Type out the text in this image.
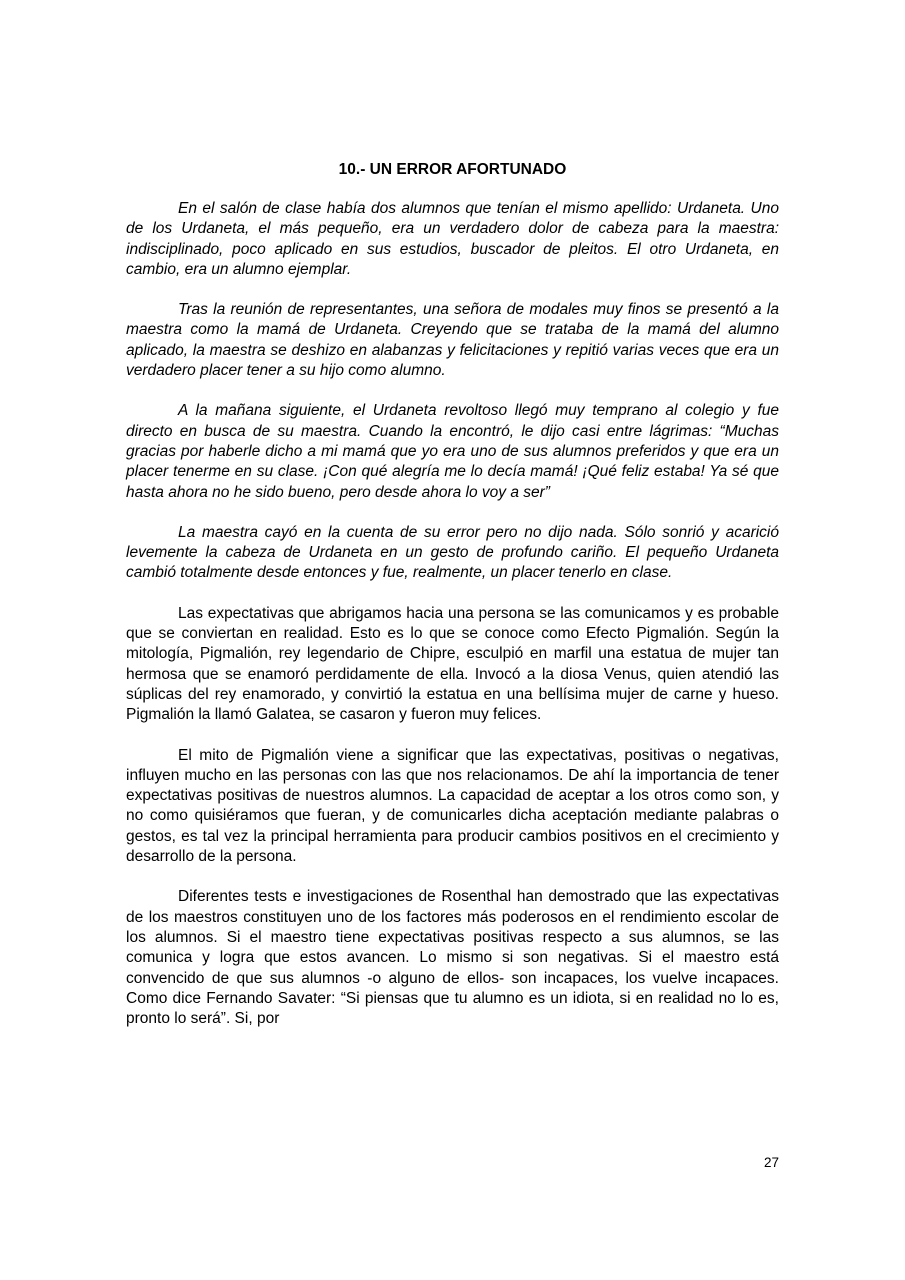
10.- UN ERROR AFORTUNADO

En el salón de clase había dos alumnos que tenían el mismo apellido: Urdaneta. Uno de los Urdaneta, el más pequeño, era un verdadero dolor de cabeza para la maestra: indisciplinado, poco aplicado en sus estudios, buscador de pleitos. El otro Urdaneta, en cambio, era un alumno ejemplar.

Tras la reunión de representantes, una señora de modales muy finos se presentó a la maestra como la mamá de Urdaneta. Creyendo que se trataba de la mamá del alumno aplicado, la maestra se deshizo en alabanzas y felicitaciones y repitió varias veces que era un verdadero placer tener a su hijo como alumno.

A la mañana siguiente, el Urdaneta revoltoso llegó muy temprano al colegio y fue directo en busca de su maestra. Cuando la encontró, le dijo casi entre lágrimas: “Muchas gracias por haberle dicho a mi mamá que yo era uno de sus alumnos preferidos y que era un placer tenerme en su clase. ¡Con qué alegría me lo decía mamá! ¡Qué feliz estaba! Ya sé que hasta ahora no he sido bueno, pero desde ahora lo voy a ser”

La maestra cayó en la cuenta de su error pero no dijo nada. Sólo sonrió y acarició levemente la cabeza de Urdaneta en un gesto de profundo cariño. El pequeño Urdaneta cambió totalmente desde entonces y fue, realmente, un placer tenerlo en clase.

Las expectativas que abrigamos hacia una persona se las comunicamos y es probable que se conviertan en realidad. Esto es lo que se conoce como Efecto Pigmalión. Según la mitología, Pigmalión, rey legendario de Chipre, esculpió en marfil una estatua de mujer tan hermosa que se enamoró perdidamente de ella. Invocó a la diosa Venus, quien atendió las súplicas del rey enamorado, y convirtió la estatua en una bellísima mujer de carne y hueso. Pigmalión la llamó Galatea, se casaron y fueron muy felices.

El mito de Pigmalión viene a significar que las expectativas, positivas o negativas, influyen mucho en las personas con las que nos relacionamos. De ahí la importancia de tener expectativas positivas de nuestros alumnos. La capacidad de aceptar a los otros como son, y no como quisiéramos que fueran, y de comunicarles dicha aceptación mediante palabras o gestos, es tal vez la principal herramienta para producir cambios positivos en el crecimiento y desarrollo de la persona.

Diferentes tests e investigaciones de Rosenthal han demostrado que las expectativas de los maestros constituyen uno de los factores más poderosos en el rendimiento escolar de los alumnos. Si el maestro tiene expectativas positivas respecto a sus alumnos, se las comunica y logra que estos avancen. Lo mismo si son negativas. Si el maestro está convencido de que sus alumnos -o alguno de ellos- son incapaces, los vuelve incapaces. Como dice Fernando Savater: “Si piensas que tu alumno es un idiota, si en realidad no lo es, pronto lo será”. Si, por

27
